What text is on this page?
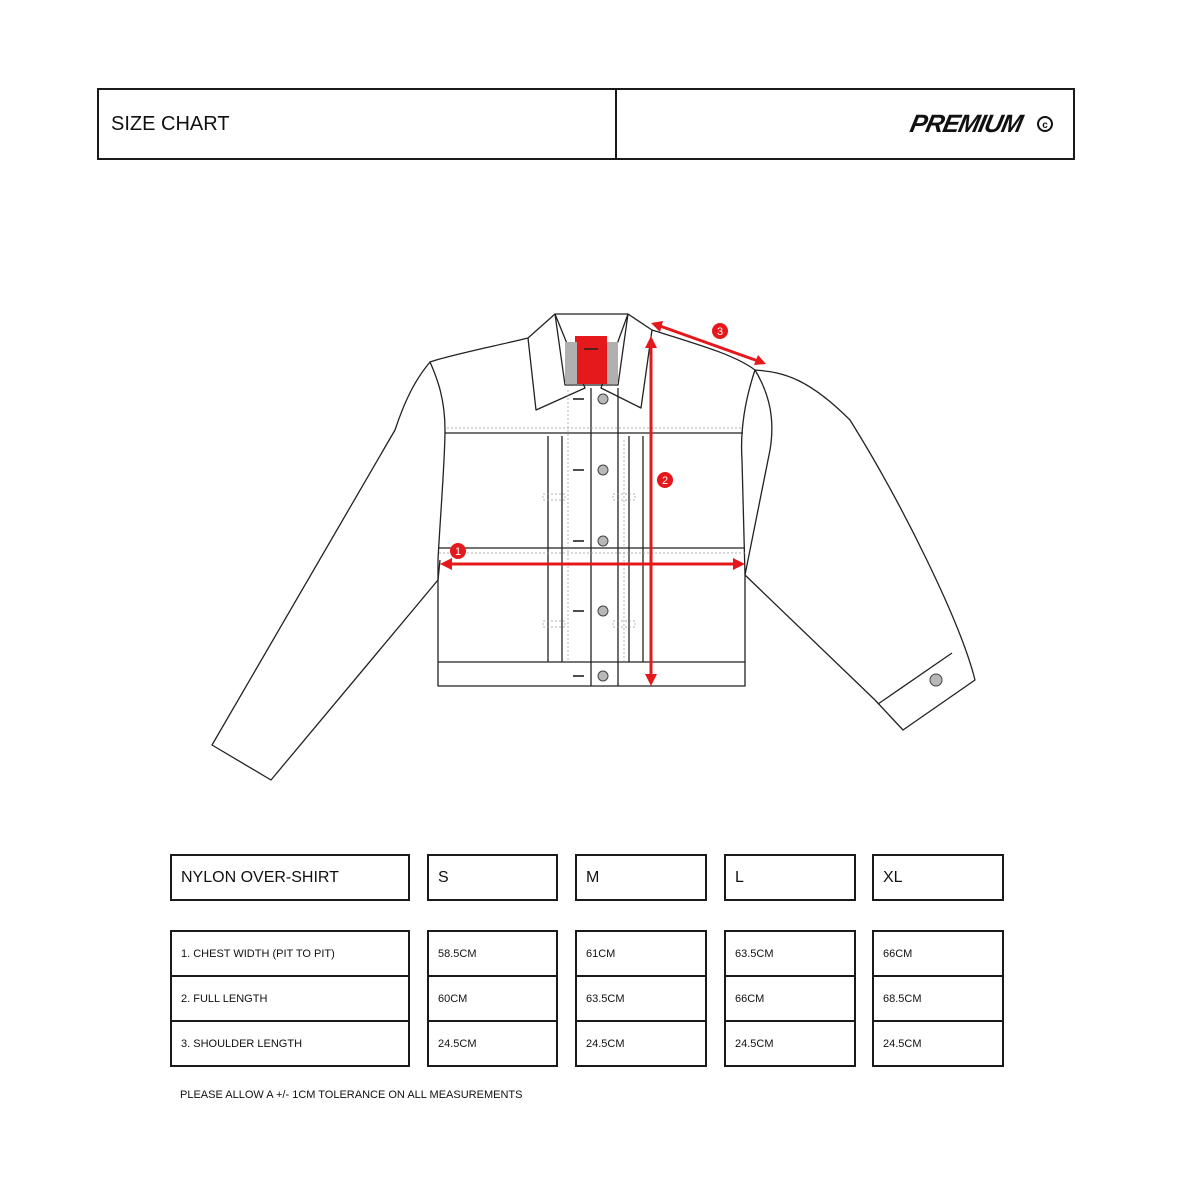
SIZE CHART	PREMIUM c
1
2
3
NYLON OVER-SHIRT	S	M	L	XL
1. CHEST WIDTH (PIT TO PIT)	58.5CM	61CM	63.5CM	66CM
2. FULL LENGTH	60CM	63.5CM	66CM	68.5CM
3. SHOULDER LENGTH	24.5CM	24.5CM	24.5CM	24.5CM
PLEASE ALLOW A +/- 1CM TOLERANCE ON ALL MEASUREMENTS
